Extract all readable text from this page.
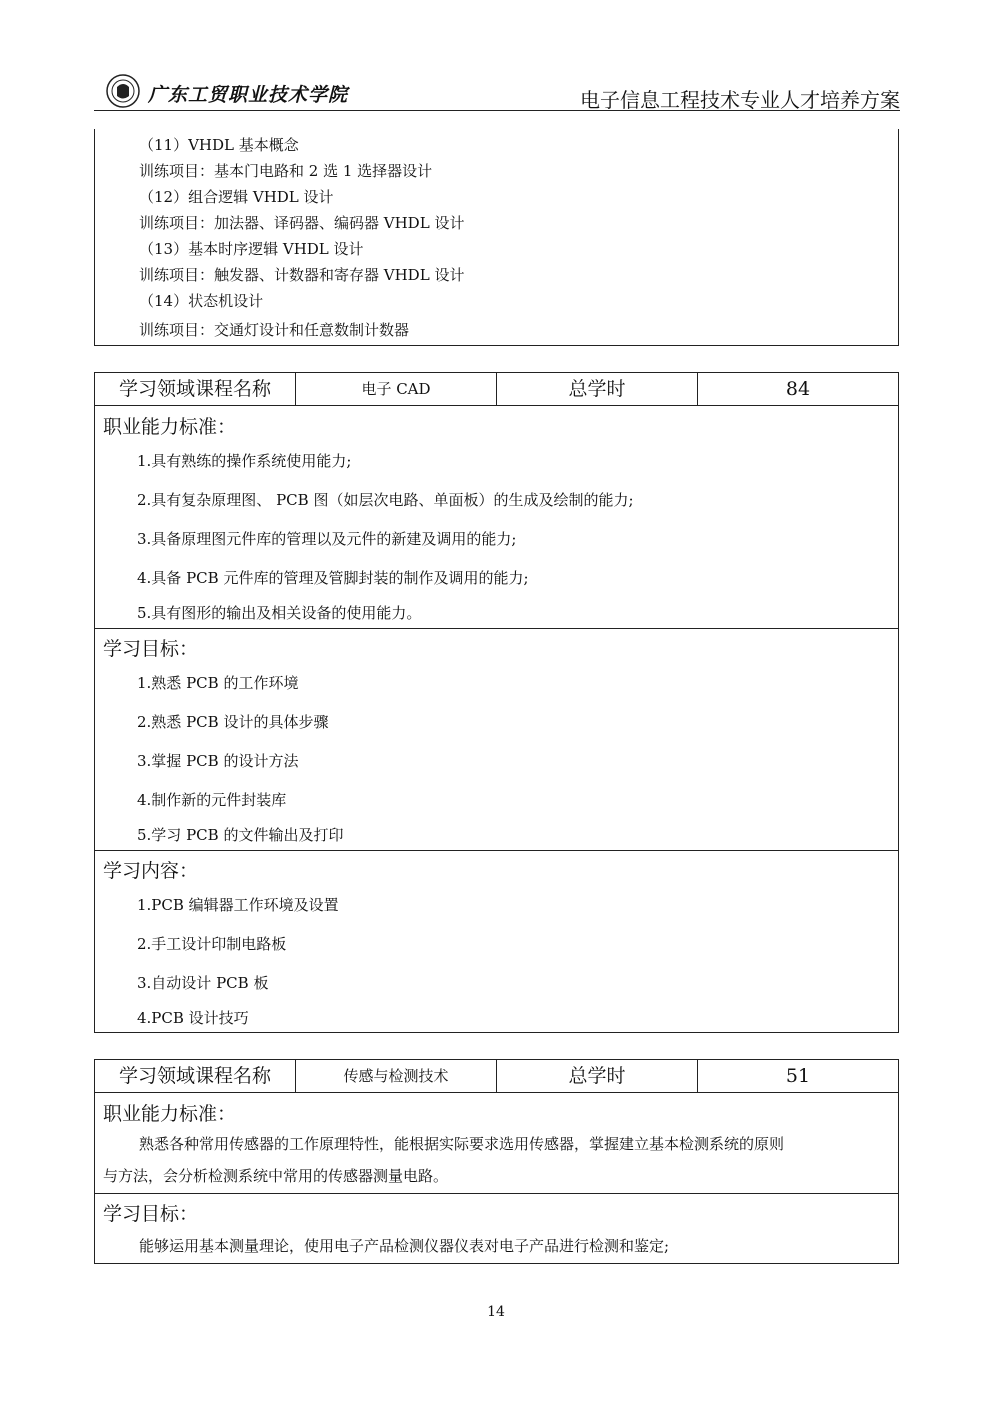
广东工贸职业技术学院	电子信息工程技术专业人才培养方案
（11）VHDL 基本概念
训练项目：基本门电路和 2 选 1 选择器设计
（12）组合逻辑 VHDL 设计
训练项目：加法器、译码器、编码器 VHDL 设计
（13）基本时序逻辑 VHDL 设计
训练项目：触发器、计数器和寄存器 VHDL 设计
（14）状态机设计
训练项目：交通灯设计和任意数制计数器
学习领域课程名称	电子 CAD	总学时	84
职业能力标准：
1.具有熟练的操作系统使用能力;
2.具有复杂原理图、 PCB 图（如层次电路、单面板）的生成及绘制的能力;
3.具备原理图元件库的管理以及元件的新建及调用的能力;
4.具备 PCB 元件库的管理及管脚封装的制作及调用的能力;
5.具有图形的输出及相关设备的使用能力。
学习目标：
1.熟悉 PCB 的工作环境
2.熟悉 PCB 设计的具体步骤
3.掌握 PCB 的设计方法
4.制作新的元件封装库
5.学习 PCB 的文件输出及打印
学习内容：
1.PCB 编辑器工作环境及设置
2.手工设计印制电路板
3.自动设计 PCB 板
4.PCB 设计技巧
学习领域课程名称	传感与检测技术	总学时	51
职业能力标准：
熟悉各种常用传感器的工作原理特性，能根据实际要求选用传感器，掌握建立基本检测系统的原则
与方法，会分析检测系统中常用的传感器测量电路。
学习目标：
能够运用基本测量理论，使用电子产品检测仪器仪表对电子产品进行检测和鉴定;
14
